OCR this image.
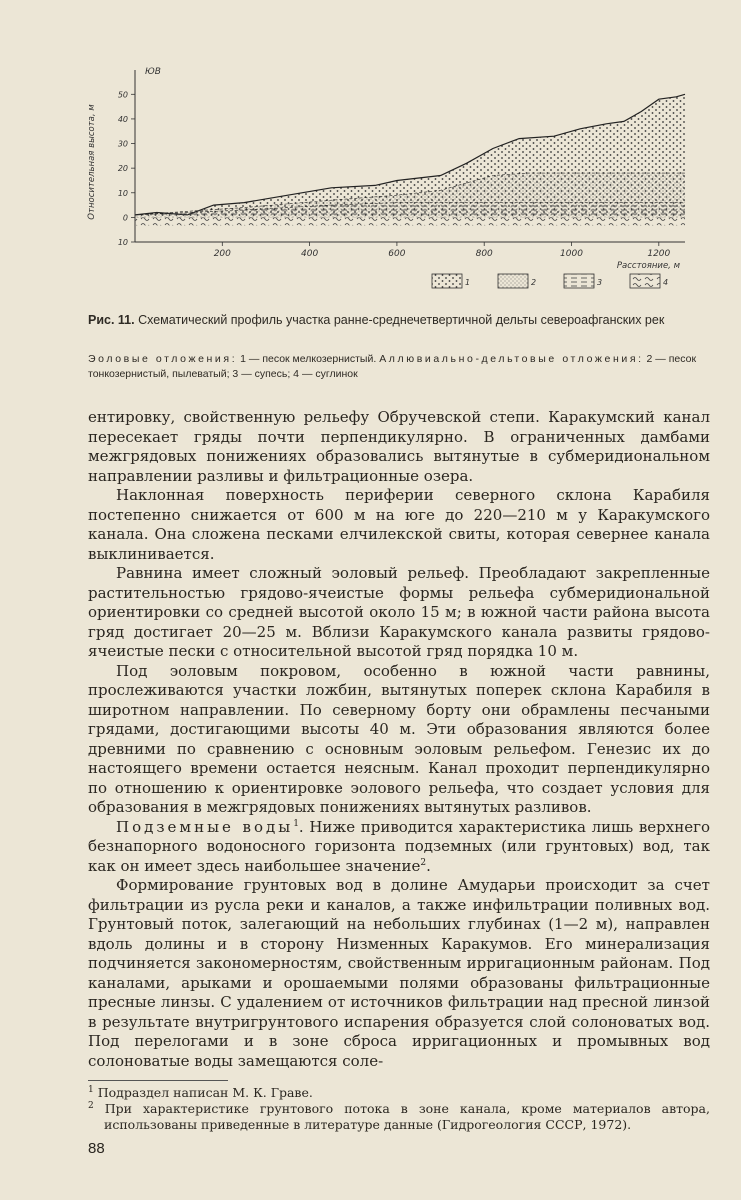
ЮВ
50
40
30
20
10
0
10
Относительная высота, м
200	400	600	800	1000	1200
Расстояние, м
1	2	3	4
Рис. 11. Схематический профиль участка ранне-среднечетвертичной дельты североафганских рек
Эоловые отложения: 1 — песок мелкозернистый. Аллювиально-дельтовые отложения: 2 — песок тонкозернистый, пылеватый; 3 — супесь; 4 — суглинок

ентировку, свойственную рельефу Обручевской степи. Каракумский канал пересекает гряды почти перпендикулярно. В ограниченных дамбами межгрядовых понижениях образовались вытянутые в субмеридиональном направлении разливы и фильтрационные озера.

Наклонная поверхность периферии северного склона Карабиля постепенно снижается от 600 м на юге до 220—210 м у Каракумского канала. Она сложена песками елчилекской свиты, которая севернее канала выклинивается.

Равнина имеет сложный эоловый рельеф. Преобладают закрепленные растительностью грядово-ячеистые формы рельефа субмеридиональной ориентировки со средней высотой около 15 м; в южной части района высота гряд достигает 20—25 м. Вблизи Каракумского канала развиты грядово-ячеистые пески с относительной высотой гряд порядка 10 м.

Под эоловым покровом, особенно в южной части равнины, прослеживаются участки ложбин, вытянутых поперек склона Карабиля в широтном направлении. По северному борту они обрамлены песчаными грядами, достигающими высоты 40 м. Эти образования являются более древними по сравнению с основным эоловым рельефом. Генезис их до настоящего времени остается неясным. Канал проходит перпендикулярно по отношению к ориентировке эолового рельефа, что создает условия для образования в межгрядовых понижениях вытянутых разливов.

Подземные воды$^1$. Ниже приводится характеристика лишь верхнего безнапорного водоносного горизонта подземных (или грунтовых) вод, так как он имеет здесь наибольшее значение$^2$.

Формирование грунтовых вод в долине Амударьи происходит за счет фильтрации из русла реки и каналов, а также инфильтрации поливных вод. Грунтовый поток, залегающий на небольших глубинах (1—2 м), направлен вдоль долины и в сторону Низменных Каракумов. Его минерализация подчиняется закономерностям, свойственным ирригационным районам. Под каналами, арыками и орошаемыми полями образованы фильтрационные пресные линзы. С удалением от источников фильтрации над пресной линзой в результате внутригрунтового испарения образуется слой солоноватых вод. Под перелогами и в зоне сброса ирригационных и промывных вод солоноватые воды замещаются соле-

$^1$ Подраздел написан М. К. Граве.

$^2$ При характеристике грунтового потока в зоне канала, кроме материалов автора, использованы приведенные в литературе данные (Гидрогеология СССР, 1972).

88
